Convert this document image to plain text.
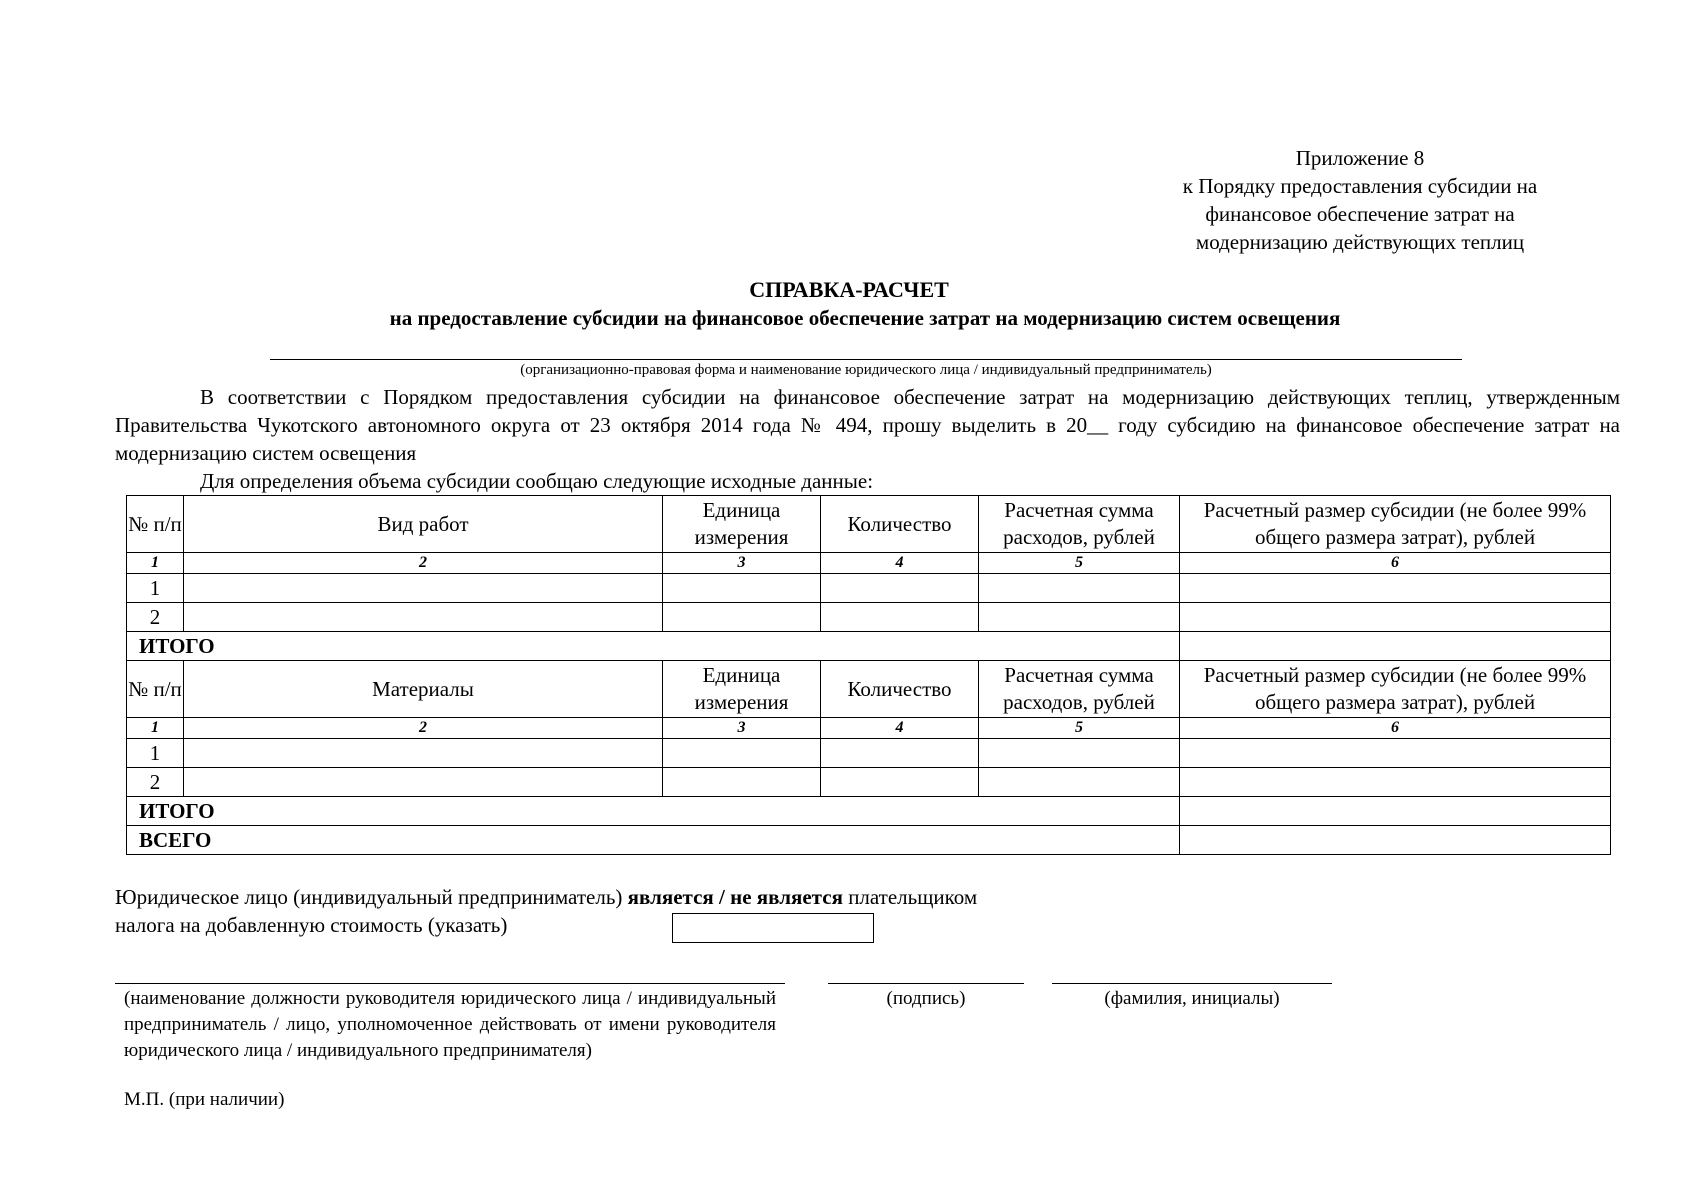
Приложение 8
к Порядку предоставления субсидии на
финансовое обеспечение затрат на
модернизацию действующих теплиц
СПРАВКА-РАСЧЕТ
на предоставление субсидии на финансовое обеспечение затрат на модернизацию систем освещения
(организационно-правовая форма и наименование юридического лица / индивидуальный предприниматель)

В соответствии с Порядком предоставления субсидии на финансовое обеспечение затрат на модернизацию действующих теплиц, утвержденным Правительства Чукотского автономного округа от 23 октября 2014 года № 494, прошу выделить в 20__ году субсидию на финансовое обеспечение затрат на модернизацию систем освещения

Для определения объема субсидии сообщаю следующие исходные данные:

№ п/п	Вид работ	Единица измерения	Количество	Расчетная сумма расходов, рублей	Расчетный размер субсидии (не более 99% общего размера затрат), рублей
1	2	3	4	5	6
1					
2					
ИТОГО					
№ п/п	Материалы	Единица измерения	Количество	Расчетная сумма расходов, рублей	Расчетный размер субсидии (не более 99% общего размера затрат), рублей
1	2	3	4	5	6
1					
2					
ИТОГО					
ВСЕГО					
Юридическое лицо (индивидуальный предприниматель) является / не является плательщиком
налога на добавленную стоимость (указать)

(наименование должности руководителя юридического лица / индивидуальный предприниматель / лицо, уполномоченное действовать от имени руководителя юридического лица / индивидуального предпринимателя)

(подпись)	(фамилия, инициалы)
М.П. (при наличии)
